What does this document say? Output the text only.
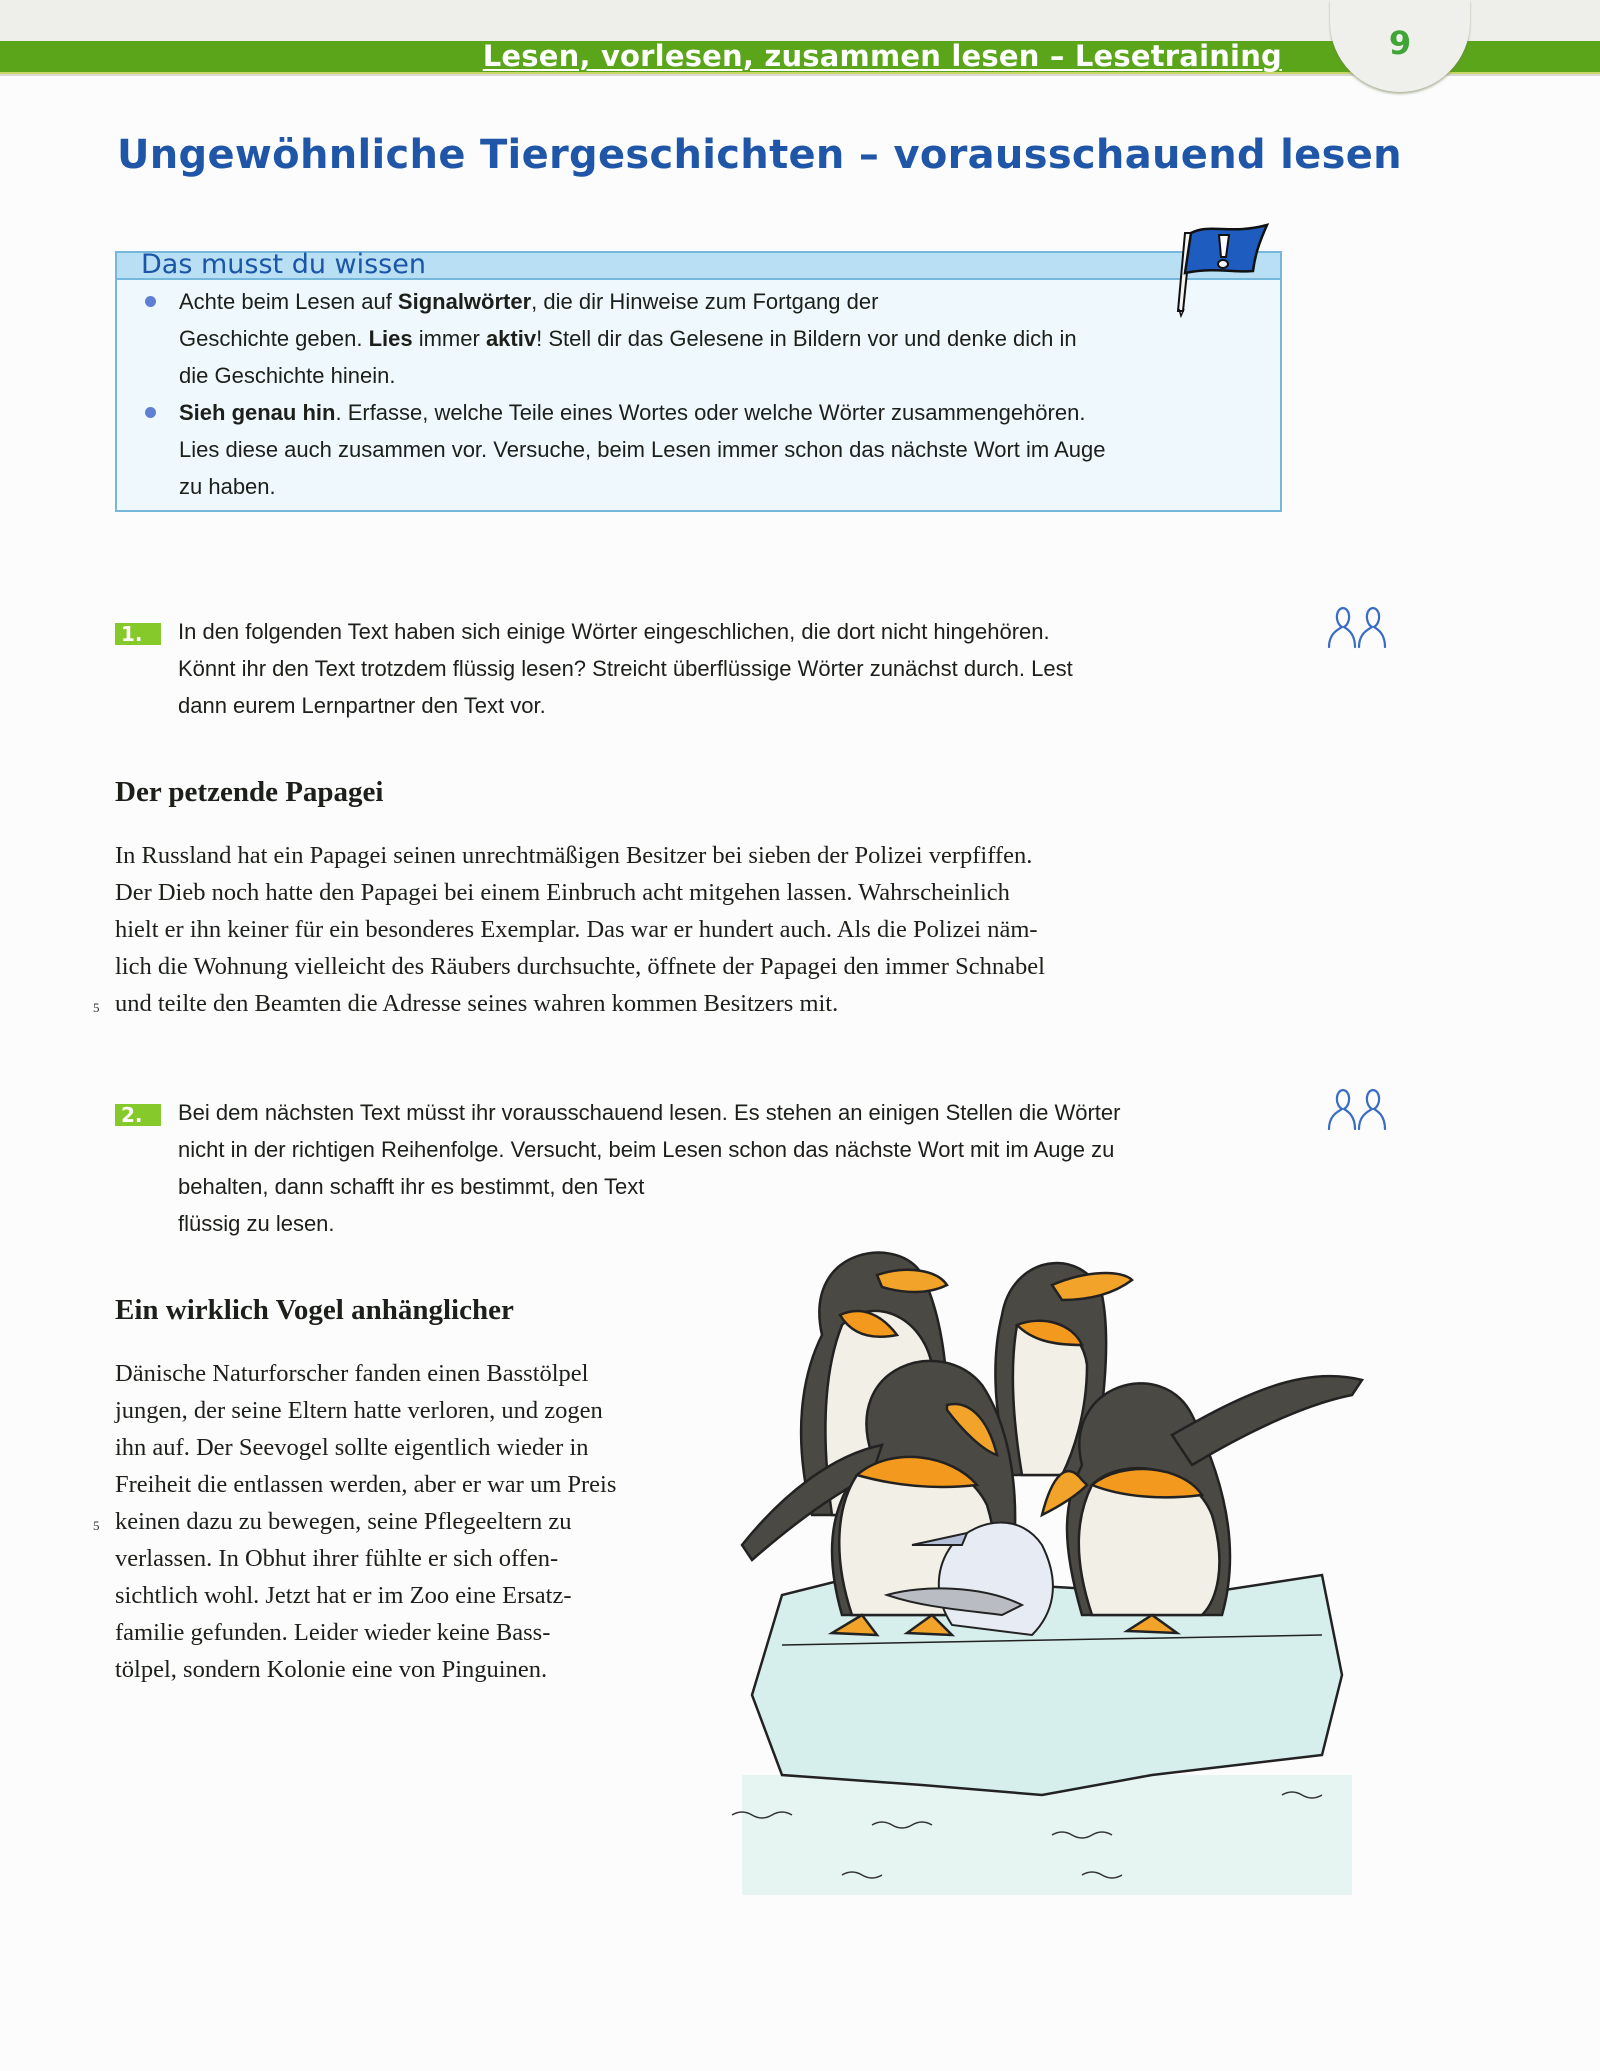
Lesen, vorlesen, zusammen lesen – Lesetraining	9
Ungewöhnliche Tiergeschichten – vorausschauend lesen
Das musst du wissen
Achte beim Lesen auf Signalwörter, die dir Hinweise zum Fortgang der
Geschichte geben. Lies immer aktiv! Stell dir das Gelesene in Bildern vor und denke dich in
die Geschichte hinein.
Sieh genau hin. Erfasse, welche Teile eines Wortes oder welche Wörter zusammengehören.
Lies diese auch zusammen vor. Versuche, beim Lesen immer schon das nächste Wort im Auge
zu haben.
1.	In den folgenden Text haben sich einige Wörter eingeschlichen, die dort nicht hingehören.
Könnt ihr den Text trotzdem flüssig lesen? Streicht überflüssige Wörter zunächst durch. Lest
dann eurem Lernpartner den Text vor.
Der petzende Papagei
In Russland hat ein Papagei seinen unrechtmäßigen Besitzer bei sieben der Polizei verpfiffen.
Der Dieb noch hatte den Papagei bei einem Einbruch acht mitgehen lassen. Wahrscheinlich
hielt er ihn keiner für ein besonderes Exemplar. Das war er hundert auch. Als die Polizei näm-
lich die Wohnung vielleicht des Räubers durchsuchte, öffnete der Papagei den immer Schnabel
5 und teilte den Beamten die Adresse seines wahren kommen Besitzers mit.
2.	Bei dem nächsten Text müsst ihr vorausschauend lesen. Es stehen an einigen Stellen die Wörter
nicht in der richtigen Reihenfolge. Versucht, beim Lesen schon das nächste Wort mit im Auge zu
behalten, dann schafft ihr es bestimmt, den Text
flüssig zu lesen.
Ein wirklich Vogel anhänglicher
Dänische Naturforscher fanden einen Basstölpel
jungen, der seine Eltern hatte verloren, und zogen
ihn auf. Der Seevogel sollte eigentlich wieder in
Freiheit die entlassen werden, aber er war um Preis
5 keinen dazu zu bewegen, seine Pflegeeltern zu
verlassen. In Obhut ihrer fühlte er sich offen-
sichtlich wohl. Jetzt hat er im Zoo eine Ersatz-
familie gefunden. Leider wieder keine Bass-
tölpel, sondern Kolonie eine von Pinguinen.
